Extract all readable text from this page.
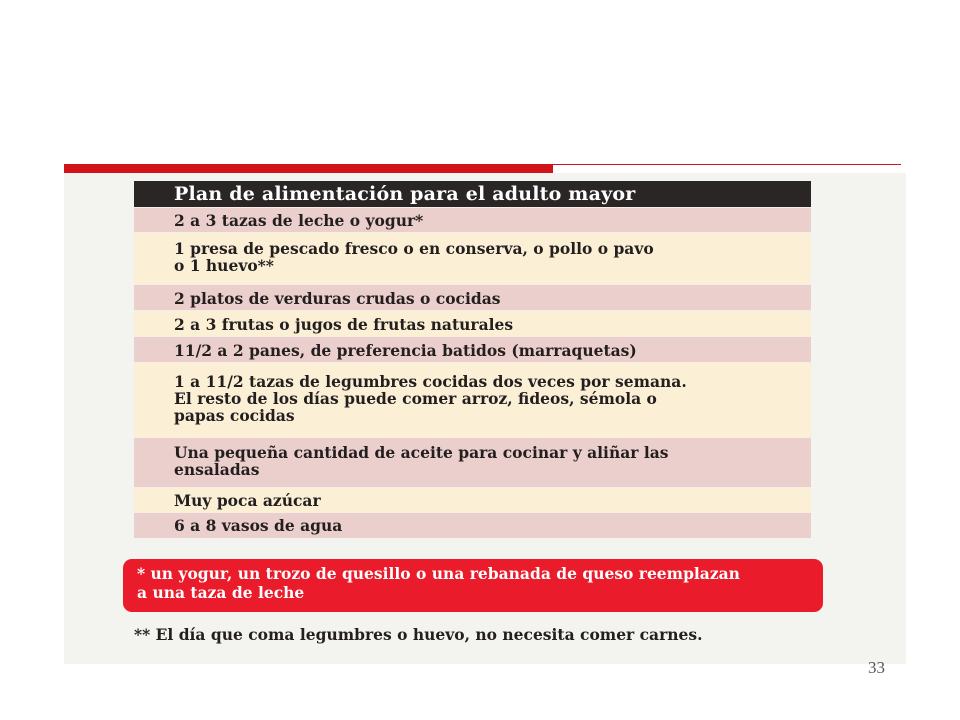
Plan de alimentación para el adulto mayor
2 a 3 tazas de leche o yogur*
1 presa de pescado fresco o en conserva, o pollo o pavo
o 1 huevo**
2 platos de verduras crudas o cocidas
2 a 3 frutas o jugos de frutas naturales
11/2 a 2 panes, de preferencia batidos (marraquetas)
1 a 11/2 tazas de legumbres cocidas dos veces por semana.
El resto de los días puede comer arroz, fideos, sémola o
papas cocidas
Una pequeña cantidad de aceite para cocinar y aliñar las
ensaladas
Muy poca azúcar
6 a 8 vasos de agua
* un yogur, un trozo de quesillo o una rebanada de queso reemplazan
a una taza de leche
** El día que coma legumbres o huevo, no necesita comer carnes.
33
